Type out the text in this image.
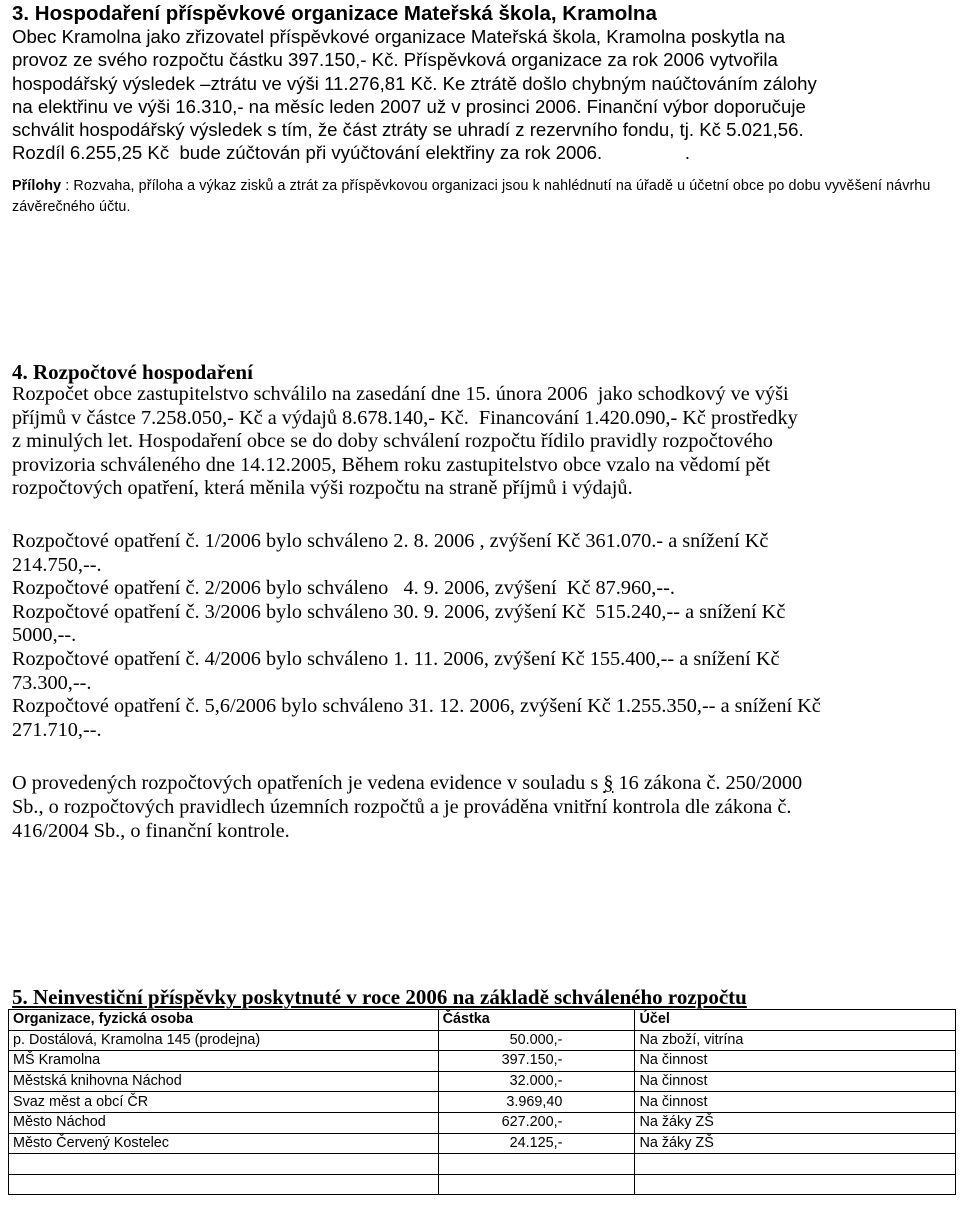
3. Hospodaření příspěvkové organizace Mateřská škola, Kramolna
Obec Kramolna jako zřizovatel příspěvkové organizace Mateřská škola, Kramolna poskytla na
provoz ze svého rozpočtu částku 397.150,- Kč. Příspěvková organizace za rok 2006 vytvořila
hospodářský výsledek –ztrátu ve výši 11.276,81 Kč. Ke ztrátě došlo chybným naúčtováním zálohy
na elektřinu ve výši 16.310,- na měsíc leden 2007 už v prosinci 2006. Finanční výbor doporučuje
schválit hospodářský výsledek s tím, že část ztráty se uhradí z rezervního fondu, tj. Kč 5.021,56.
Rozdíl 6.255,25 Kč  bude zúčtován při vyúčtování elektřiny za rok 2006.                .
Přílohy : Rozvaha, příloha a výkaz zisků a ztrát za příspěvkovou organizaci jsou k nahlédnutí na úřadě u účetní obce po dobu vyvěšení návrhu závěrečného účtu.
4. Rozpočtové hospodaření
Rozpočet obce zastupitelstvo schválilo na zasedání dne 15. února 2006  jako schodkový ve výši
příjmů v částce 7.258.050,- Kč a výdajů 8.678.140,- Kč.  Financování 1.420.090,- Kč prostředky
z minulých let. Hospodaření obce se do doby schválení rozpočtu řídilo pravidly rozpočtového
provizoria schváleného dne 14.12.2005, Během roku zastupitelstvo obce vzalo na vědomí pět
rozpočtových opatření, která měnila výši rozpočtu na straně příjmů i výdajů.
Rozpočtové opatření č. 1/2006 bylo schváleno 2. 8. 2006 , zvýšení Kč 361.070.- a snížení Kč
214.750,--.
Rozpočtové opatření č. 2/2006 bylo schváleno   4. 9. 2006, zvýšení  Kč 87.960,--.
Rozpočtové opatření č. 3/2006 bylo schváleno 30. 9. 2006, zvýšení Kč  515.240,-- a snížení Kč
5000,--.
Rozpočtové opatření č. 4/2006 bylo schváleno 1. 11. 2006, zvýšení Kč 155.400,-- a snížení Kč
73.300,--.
Rozpočtové opatření č. 5,6/2006 bylo schváleno 31. 12. 2006, zvýšení Kč 1.255.350,-- a snížení Kč
271.710,--.
O provedených rozpočtových opatřeních je vedena evidence v souladu s § 16 zákona č. 250/2000
Sb., o rozpočtových pravidlech územních rozpočtů a je prováděna vnitřní kontrola dle zákona č.
416/2004 Sb., o finanční kontrole.
5. Neinvestiční příspěvky poskytnuté v roce 2006 na základě schváleného rozpočtu
Organizace, fyzická osoba	Částka	Účel
p. Dostálová, Kramolna 145 (prodejna)	50.000,-	Na zboží, vitrína
MŠ Kramolna	397.150,-	Na činnost
Městská knihovna Náchod	32.000,-	Na činnost
Svaz měst a obcí ČR	3.969,40	Na činnost
Město Náchod	627.200,-	Na žáky ZŠ
Město Červený Kostelec	24.125,-	Na žáky ZŠ
